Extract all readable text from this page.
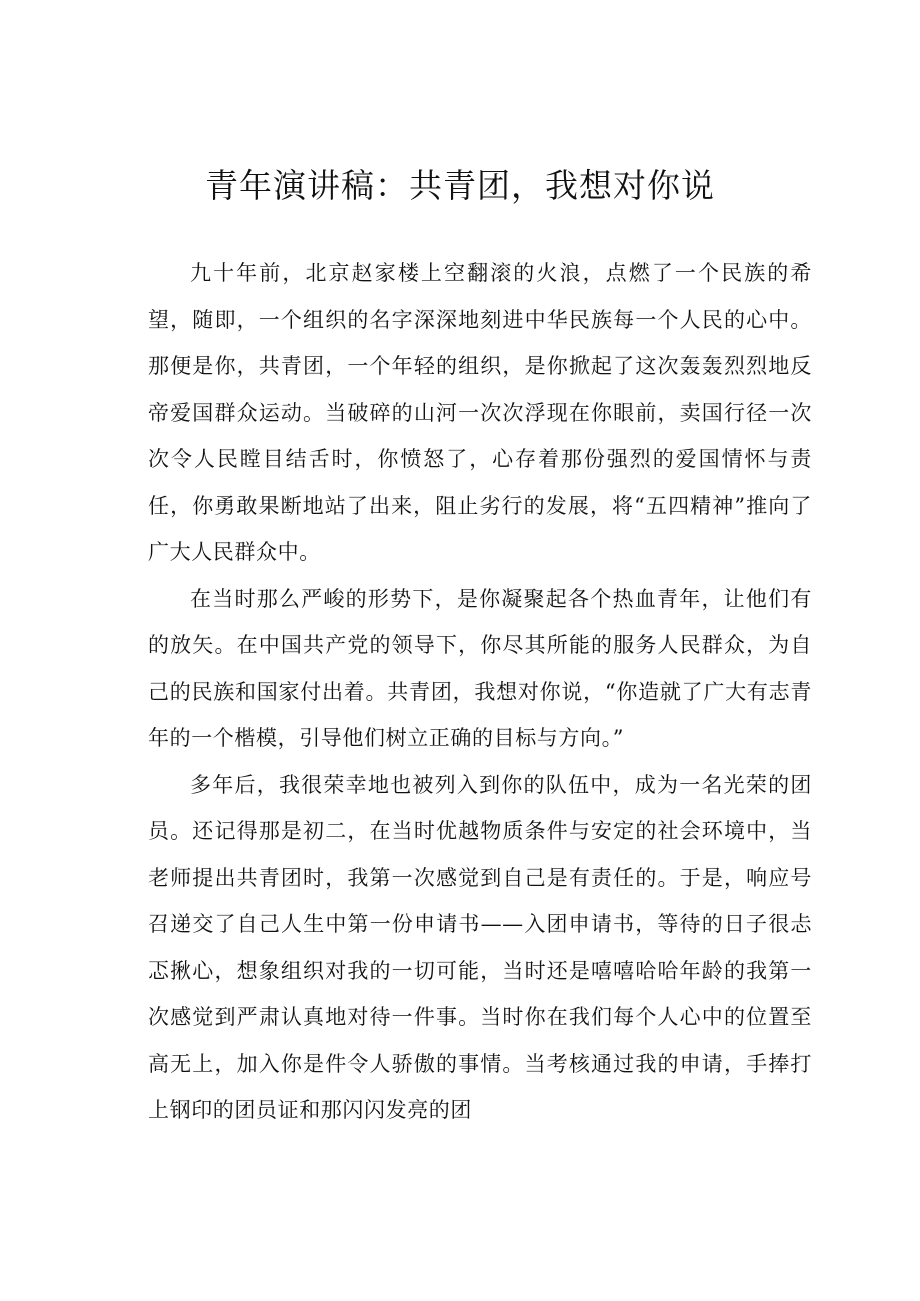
青年演讲稿：共青团，我想对你说

九十年前，北京赵家楼上空翻滚的火浪，点燃了一个民族的希望，随即，一个组织的名字深深地刻进中华民族每一个人民的心中。那便是你，共青团，一个年轻的组织，是你掀起了这次轰轰烈烈地反帝爱国群众运动。当破碎的山河一次次浮现在你眼前，卖国行径一次次令人民瞠目结舌时，你愤怒了，心存着那份强烈的爱国情怀与责任，你勇敢果断地站了出来，阻止劣行的发展，将“五四精神”推向了广大人民群众中。

在当时那么严峻的形势下，是你凝聚起各个热血青年，让他们有的放矢。在中国共产党的领导下，你尽其所能的服务人民群众，为自己的民族和国家付出着。共青团，我想对你说，“你造就了广大有志青年的一个楷模，引导他们树立正确的目标与方向。”

多年后，我很荣幸地也被列入到你的队伍中，成为一名光荣的团员。还记得那是初二，在当时优越物质条件与安定的社会环境中，当老师提出共青团时，我第一次感觉到自己是有责任的。于是，响应号召递交了自己人生中第一份申请书——入团申请书，等待的日子很忐忑揪心，想象组织对我的一切可能，当时还是嘻嘻哈哈年龄的我第一次感觉到严肃认真地对待一件事。当时你在我们每个人心中的位置至高无上，加入你是件令人骄傲的事情。当考核通过我的申请，手捧打上钢印的团员证和那闪闪发亮的团
